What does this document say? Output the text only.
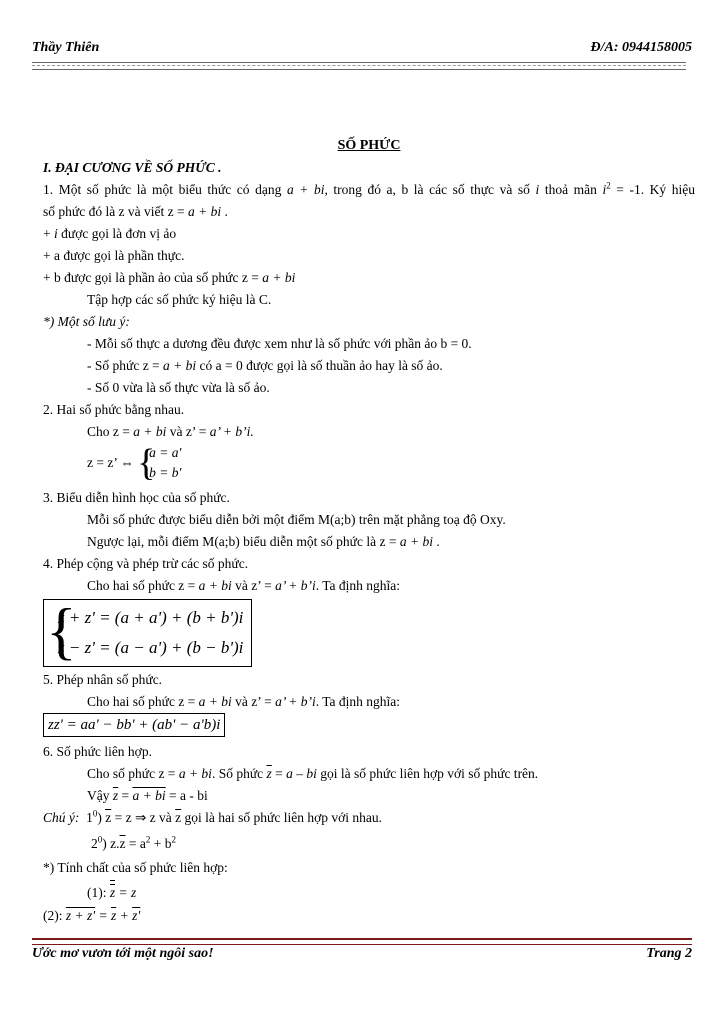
Thầy Thiên	Đ/A: 0944158005
SỐ PHỨC
I. ĐẠI CƯƠNG VỀ SỐ PHỨC .
1. Một số phức là một biểu thức có dạng a + bi, trong đó a, b là các số thực và số i thoả mãn $i^2 = -1$. Ký hiệu
số phức đó là z và viết z = a + bi .
+ i được gọi là đơn vị ảo
+ a được gọi là phần thực.
+ b được gọi là phần ảo của số phức z = a + bi
Tập hợp các số phức ký hiệu là C.
*) Một số lưu ý:
- Mỗi số thực a dương đều được xem như là số phức với phần ảo b = 0.
- Số phức z = a + bi có a = 0 được gọi là số thuần ảo hay là số ảo.
- Số 0 vừa là số thực vừa là số ảo.
2. Hai số phức bằng nhau.
Cho z = a + bi và z’ = a’ + b’i.
z = z’ ⇔ {
a = a'
b = b'
3. Biểu diễn hình học của số phức.
Mỗi số phức được biểu diễn bởi một điểm M(a;b) trên mặt phẳng toạ độ Oxy.
Ngược lại, mỗi điểm M(a;b) biểu diễn một số phức là z = a + bi .
4. Phép cộng và phép trừ các số phức.
Cho hai số phức z = a + bi và z’ = a’ + b’i. Ta định nghĩa:
{
z + z' = (a + a') + (b + b')i
z − z' = (a − a') + (b − b')i
5. Phép nhân số phức.
Cho hai số phức z = a + bi và z’ = a’ + b’i. Ta định nghĩa:
zz' = aa' − bb' + (ab' − a'b)i
6. Số phức liên hợp.
Cho số phức z = a + bi. Số phức $\overline{z} = a$ – bi gọi là số phức liên hợp với số phức trên.
Vậy $\overline{z} = a$ + bi = a - bi
Chú ý: $1^0$) $\overline{z} = z$ ⇒ z và $\overline{z}$ gọi là hai số phức liên hợp với nhau.
$2^0$) $z.\overline{z} = a^2 + b^2$
*) Tính chất của số phức liên hợp:
(1): z = z
(2): $z + z' = \overline{z} + z'$
Ước mơ vươn tới một ngôi sao!	Trang 2
